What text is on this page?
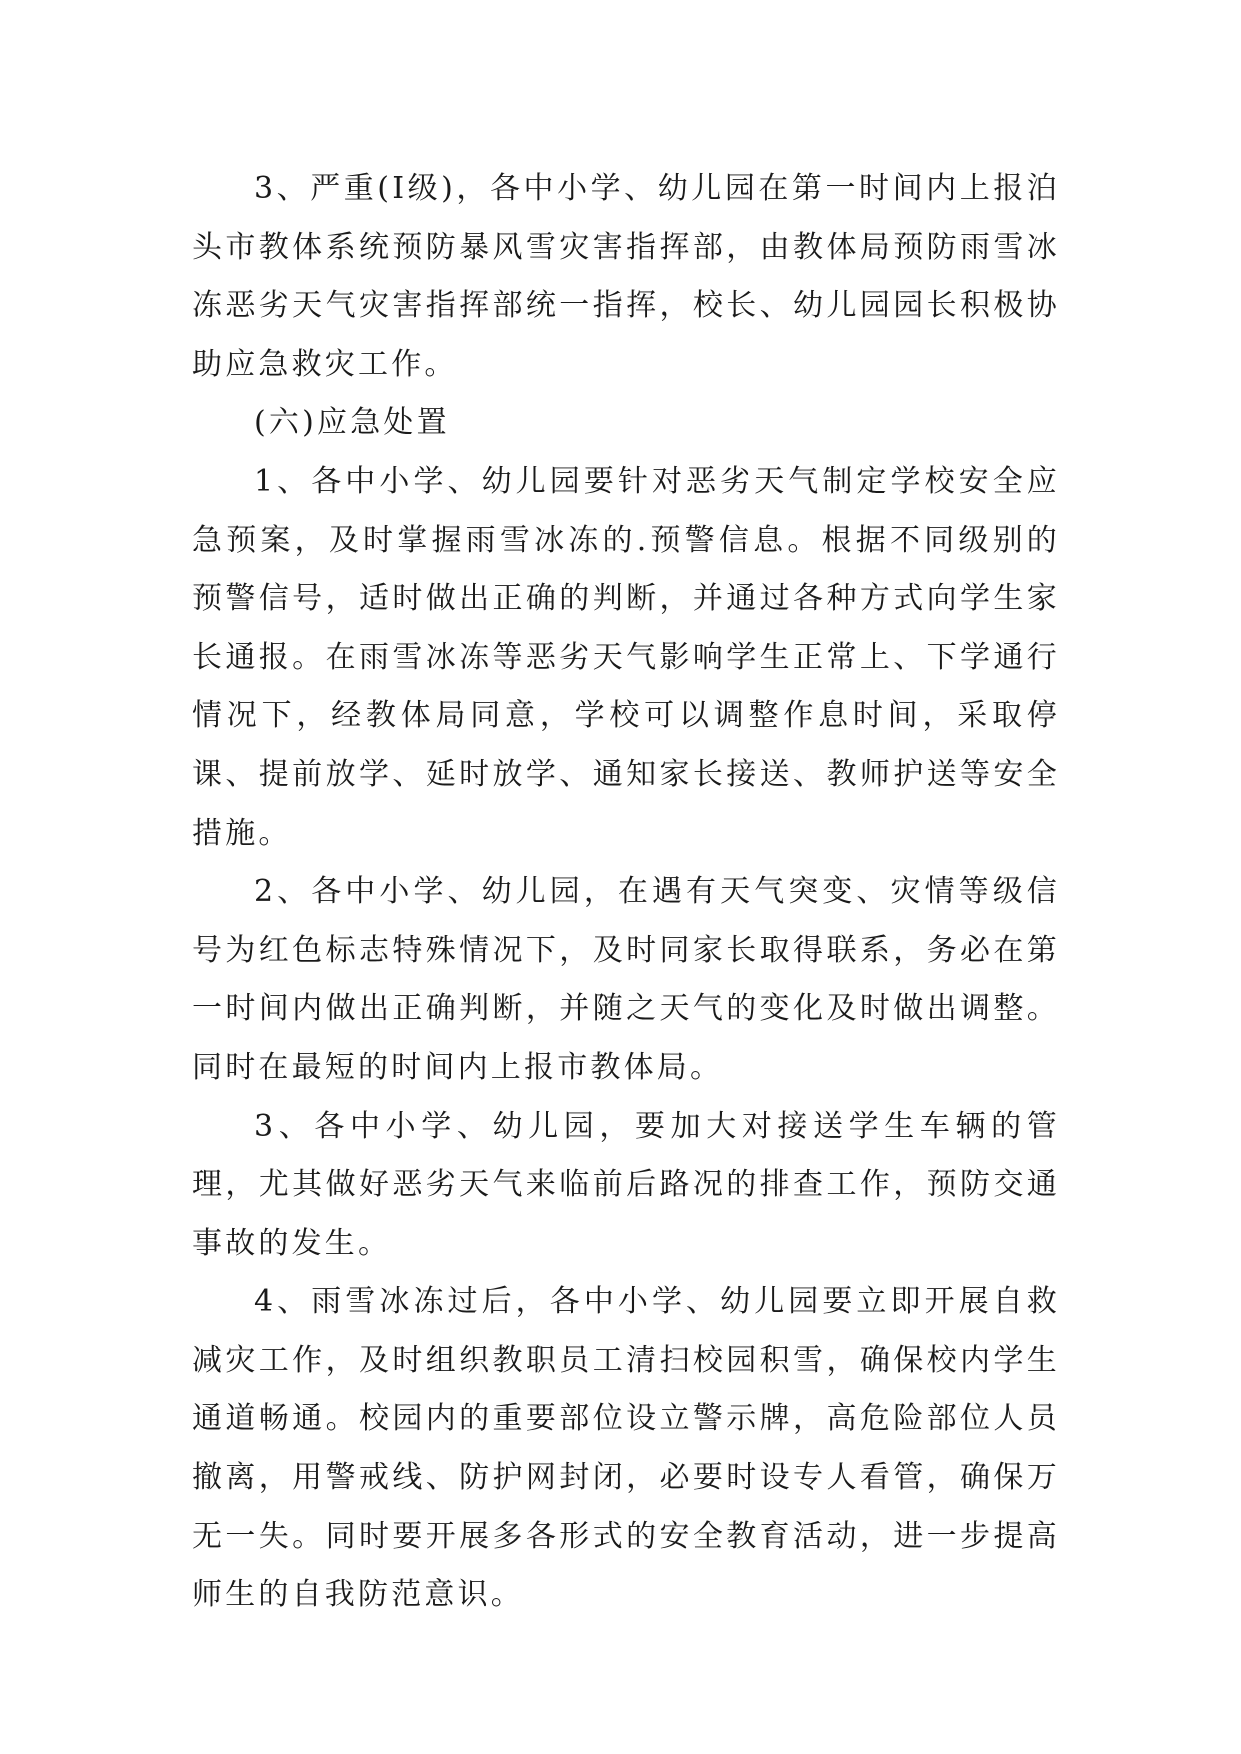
3、严重(I级)，各中小学、幼儿园在第一时间内上报泊头市教体系统预防暴风雪灾害指挥部，由教体局预防雨雪冰冻恶劣天气灾害指挥部统一指挥，校长、幼儿园园长积极协助应急救灾工作。

(六)应急处置

1、各中小学、幼儿园要针对恶劣天气制定学校安全应急预案，及时掌握雨雪冰冻的.预警信息。根据不同级别的预警信号，适时做出正确的判断，并通过各种方式向学生家长通报。在雨雪冰冻等恶劣天气影响学生正常上、下学通行情况下，经教体局同意，学校可以调整作息时间，采取停课、提前放学、延时放学、通知家长接送、教师护送等安全措施。

2、各中小学、幼儿园，在遇有天气突变、灾情等级信号为红色标志特殊情况下，及时同家长取得联系，务必在第一时间内做出正确判断，并随之天气的变化及时做出调整。同时在最短的时间内上报市教体局。

3、各中小学、幼儿园，要加大对接送学生车辆的管理，尤其做好恶劣天气来临前后路况的排查工作，预防交通事故的发生。

4、雨雪冰冻过后，各中小学、幼儿园要立即开展自救减灾工作，及时组织教职员工清扫校园积雪，确保校内学生通道畅通。校园内的重要部位设立警示牌，高危险部位人员撤离，用警戒线、防护网封闭，必要时设专人看管，确保万无一失。同时要开展多各形式的安全教育活动，进一步提高师生的自我防范意识。
